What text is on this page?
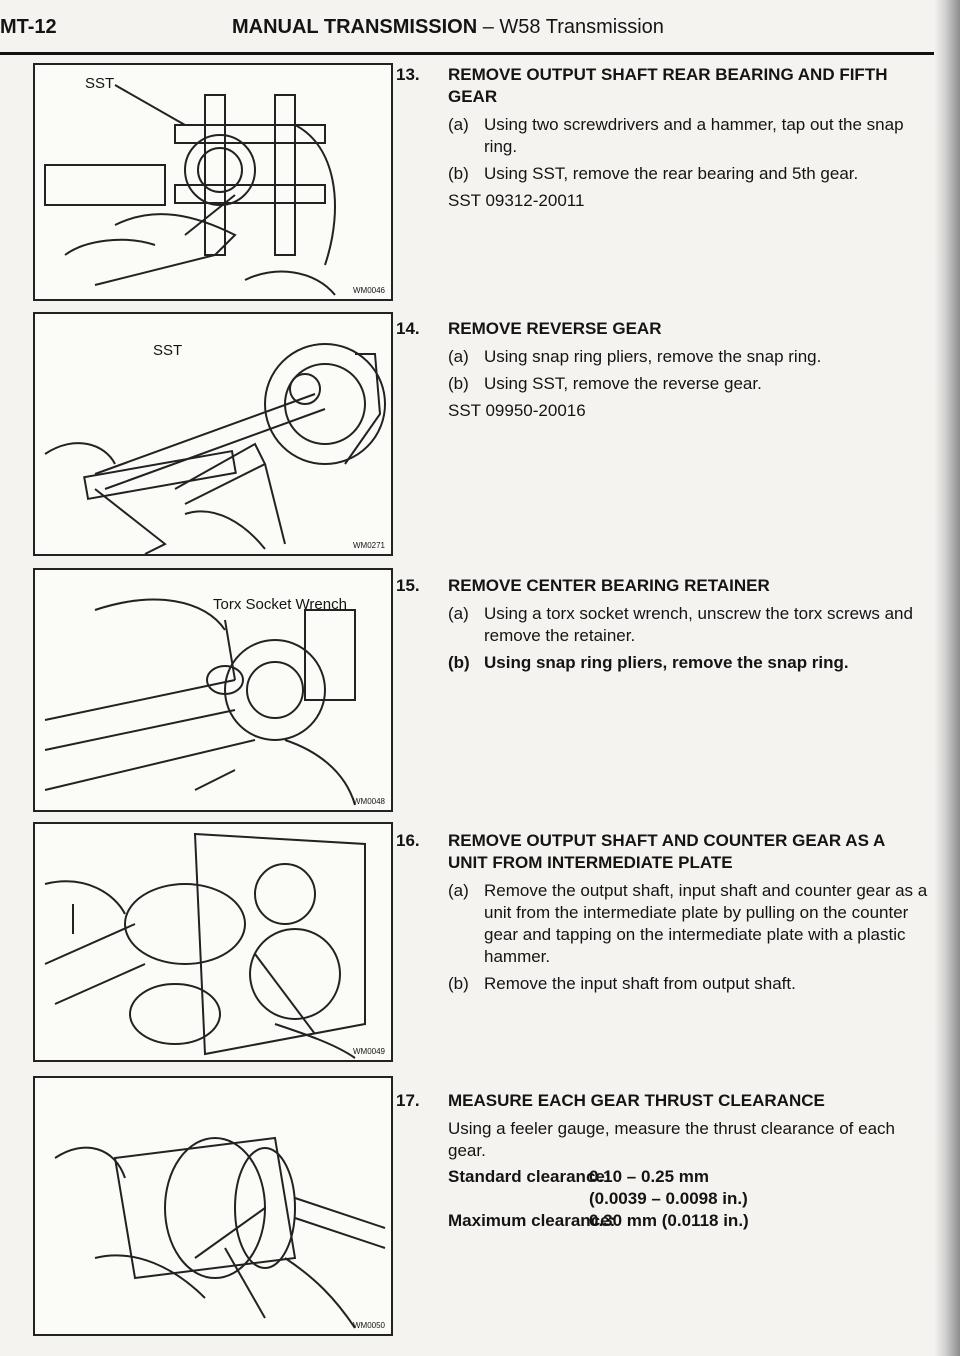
MT-12	MANUAL TRANSMISSION – W58 Transmission
SST
WM0046
SST
WM0271
Torx Socket Wrench
WM0048
WM0049
WM0050
13. REMOVE OUTPUT SHAFT REAR BEARING AND FIFTH
GEAR
(a) Using two screwdrivers and a hammer, tap out the snap ring.
(b) Using SST, remove the rear bearing and 5th gear.
SST 09312-20011
14. REMOVE REVERSE GEAR
(a) Using snap ring pliers, remove the snap ring.
(b) Using SST, remove the reverse gear.
SST 09950-20016
15. REMOVE CENTER BEARING RETAINER
(a) Using a torx socket wrench, unscrew the torx screws and remove the retainer.
(b) Using snap ring pliers, remove the snap ring.
16. REMOVE OUTPUT SHAFT AND COUNTER GEAR AS A
UNIT FROM INTERMEDIATE PLATE
(a) Remove the output shaft, input shaft and counter gear as a unit from the intermediate plate by pulling on the counter gear and tapping on the intermediate plate with a plastic hammer.
(b) Remove the input shaft from output shaft.
17. MEASURE EACH GEAR THRUST CLEARANCE
Using a feeler gauge, measure the thrust clearance of each gear.
Standard clearance:
0.10 – 0.25 mm
(0.0039 – 0.0098 in.)
Maximum clearance:
0.30 mm (0.0118 in.)
